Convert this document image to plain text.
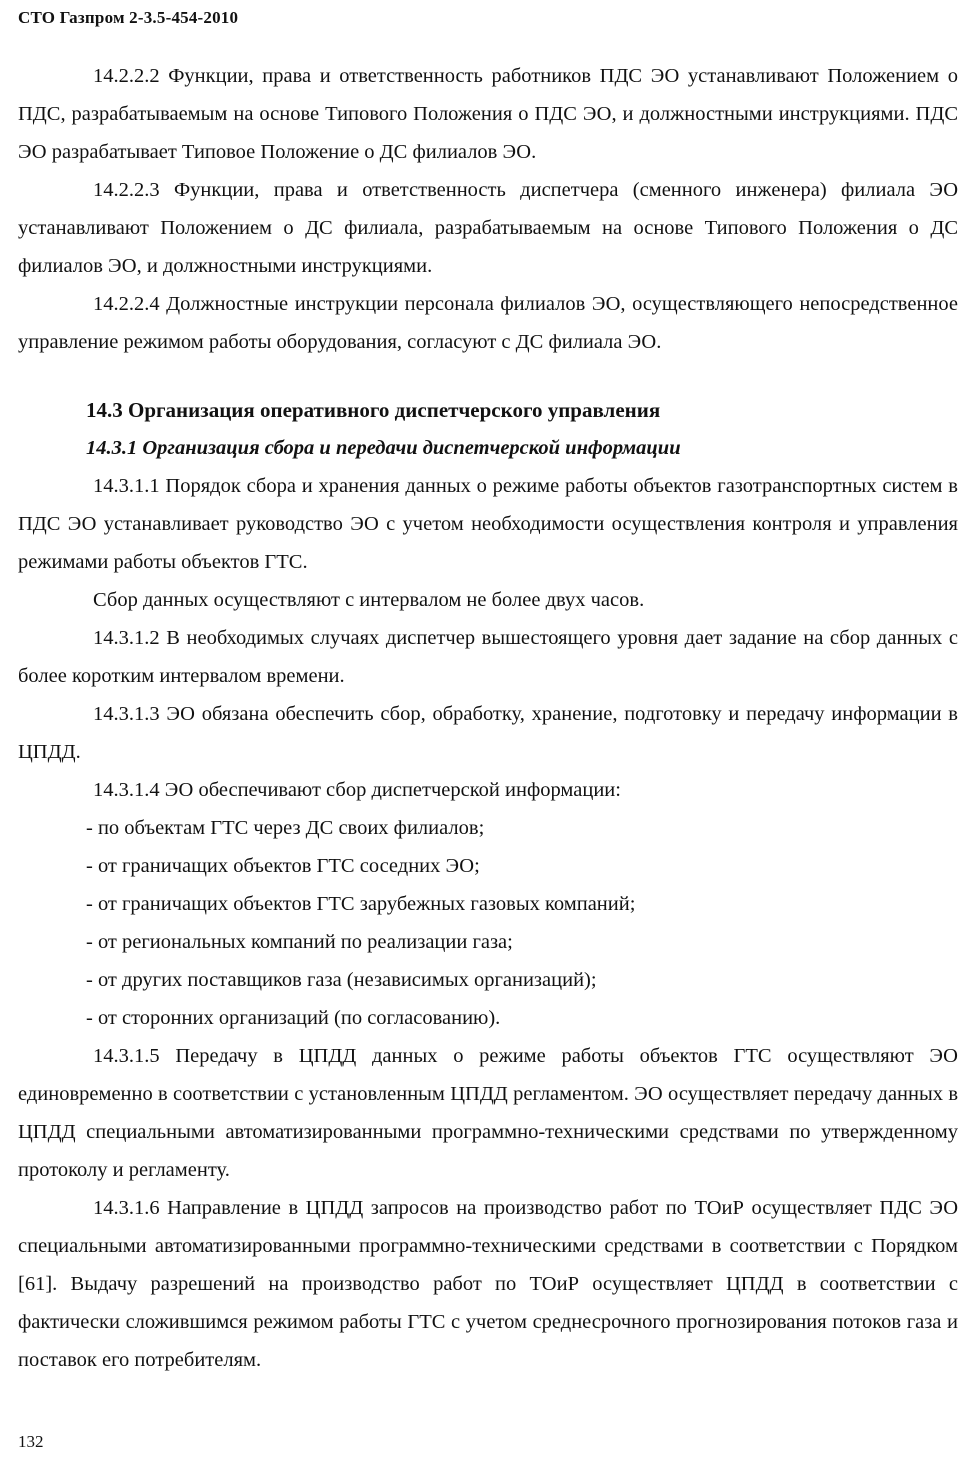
СТО Газпром 2-3.5-454-2010

14.2.2.2 Функции, права и ответственность работников ПДС ЭО устанавливают Положением о ПДС, разрабатываемым на основе Типового Положения о ПДС ЭО, и должностными инструкциями. ПДС ЭО разрабатывает Типовое Положение о ДС филиалов ЭО.

14.2.2.3 Функции, права и ответственность диспетчера (сменного инженера) филиала ЭО устанавливают Положением о ДС филиала, разрабатываемым на основе Типового Положения о ДС филиалов ЭО, и должностными инструкциями.

14.2.2.4 Должностные инструкции персонала филиалов ЭО, осуществляющего непосредственное управление режимом работы оборудования, согласуют с ДС филиала ЭО.

14.3 Организация оперативного диспетчерского управления

14.3.1 Организация сбора и передачи диспетчерской информации

14.3.1.1 Порядок сбора и хранения данных о режиме работы объектов газотранспортных систем в ПДС ЭО устанавливает руководство ЭО с учетом необходимости осуществления контроля и управления режимами работы объектов ГТС.

Сбор данных осуществляют с интервалом не более двух часов.

14.3.1.2 В необходимых случаях диспетчер вышестоящего уровня дает задание на сбор данных с более коротким интервалом времени.

14.3.1.3 ЭО обязана обеспечить сбор, обработку, хранение, подготовку и передачу информации в ЦПДД.

14.3.1.4 ЭО обеспечивают сбор диспетчерской информации:

- по объектам ГТС через ДС своих филиалов;

- от граничащих объектов ГТС соседних ЭО;

- от граничащих объектов ГТС зарубежных газовых компаний;

- от региональных компаний по реализации газа;

- от других поставщиков газа (независимых организаций);

- от сторонних организаций (по согласованию).

14.3.1.5 Передачу в ЦПДД данных о режиме работы объектов ГТС осуществляют ЭО единовременно в соответствии с установленным ЦПДД регламентом. ЭО осуществляет передачу данных в ЦПДД специальными автоматизированными программно-техническими средствами по утвержденному протоколу и регламенту.

14.3.1.6 Направление в ЦПДД запросов на производство работ по ТОиР осуществляет ПДС ЭО специальными автоматизированными программно-техническими средствами в соответствии с Порядком [61]. Выдачу разрешений на производство работ по ТОиР осуществляет ЦПДД в соответствии с фактически сложившимся режимом работы ГТС с учетом среднесрочного прогнозирования потоков газа и поставок его потребителям.

132
